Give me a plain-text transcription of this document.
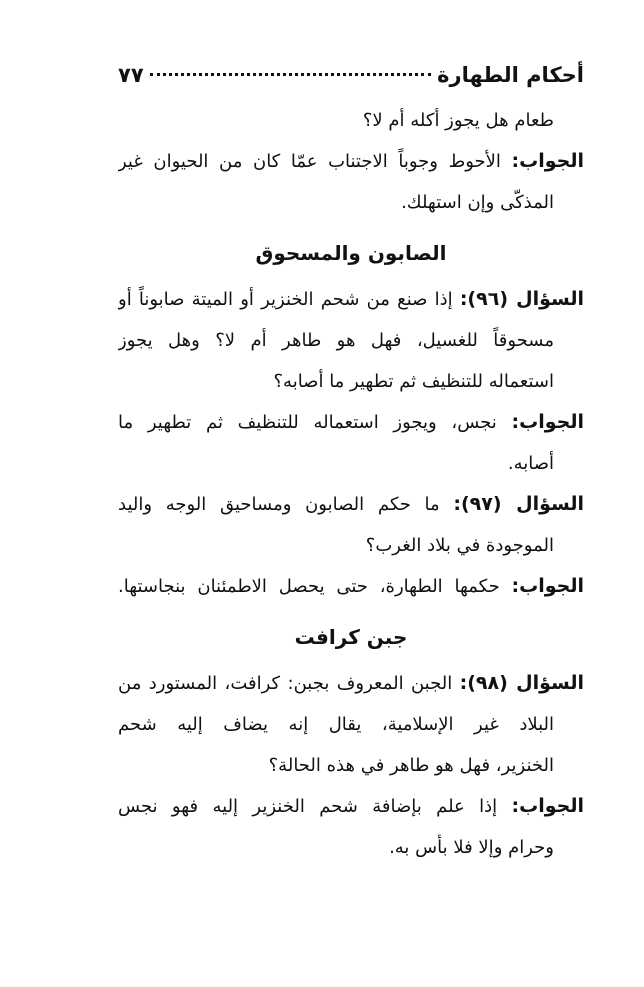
أحكام الطهارة
٧٧
طعام هل يجوز أكله أم لا؟
الجواب: الأحوط وجوباً الاجتناب عمّا كان من الحيوان غير
المذكّى وإن استهلك.
الصابون والمسحوق
السؤال (٩٦): إذا صنع من شحم الخنزير أو الميتة صابوناً أو
مسحوقاً للغسيل، فهل هو طاهر أم لا؟ وهل يجوز
استعماله للتنظيف ثم تطهير ما أصابه؟
الجواب: نجس، ويجوز استعماله للتنظيف ثم تطهير ما
أصابه.
السؤال (٩٧): ما حكم الصابون ومساحيق الوجه واليد
الموجودة في بلاد الغرب؟
الجواب: حكمها الطهارة، حتى يحصل الاطمئنان بنجاستها.
جبن كرافت
السؤال (٩٨): الجبن المعروف بجبن: كرافت، المستورد من
البلاد غير الإسلامية، يقال إنه يضاف إليه شحم
الخنزير، فهل هو طاهر في هذه الحالة؟
الجواب: إذا علم بإضافة شحم الخنزير إليه فهو نجس
وحرام وإلا فلا بأس به.
